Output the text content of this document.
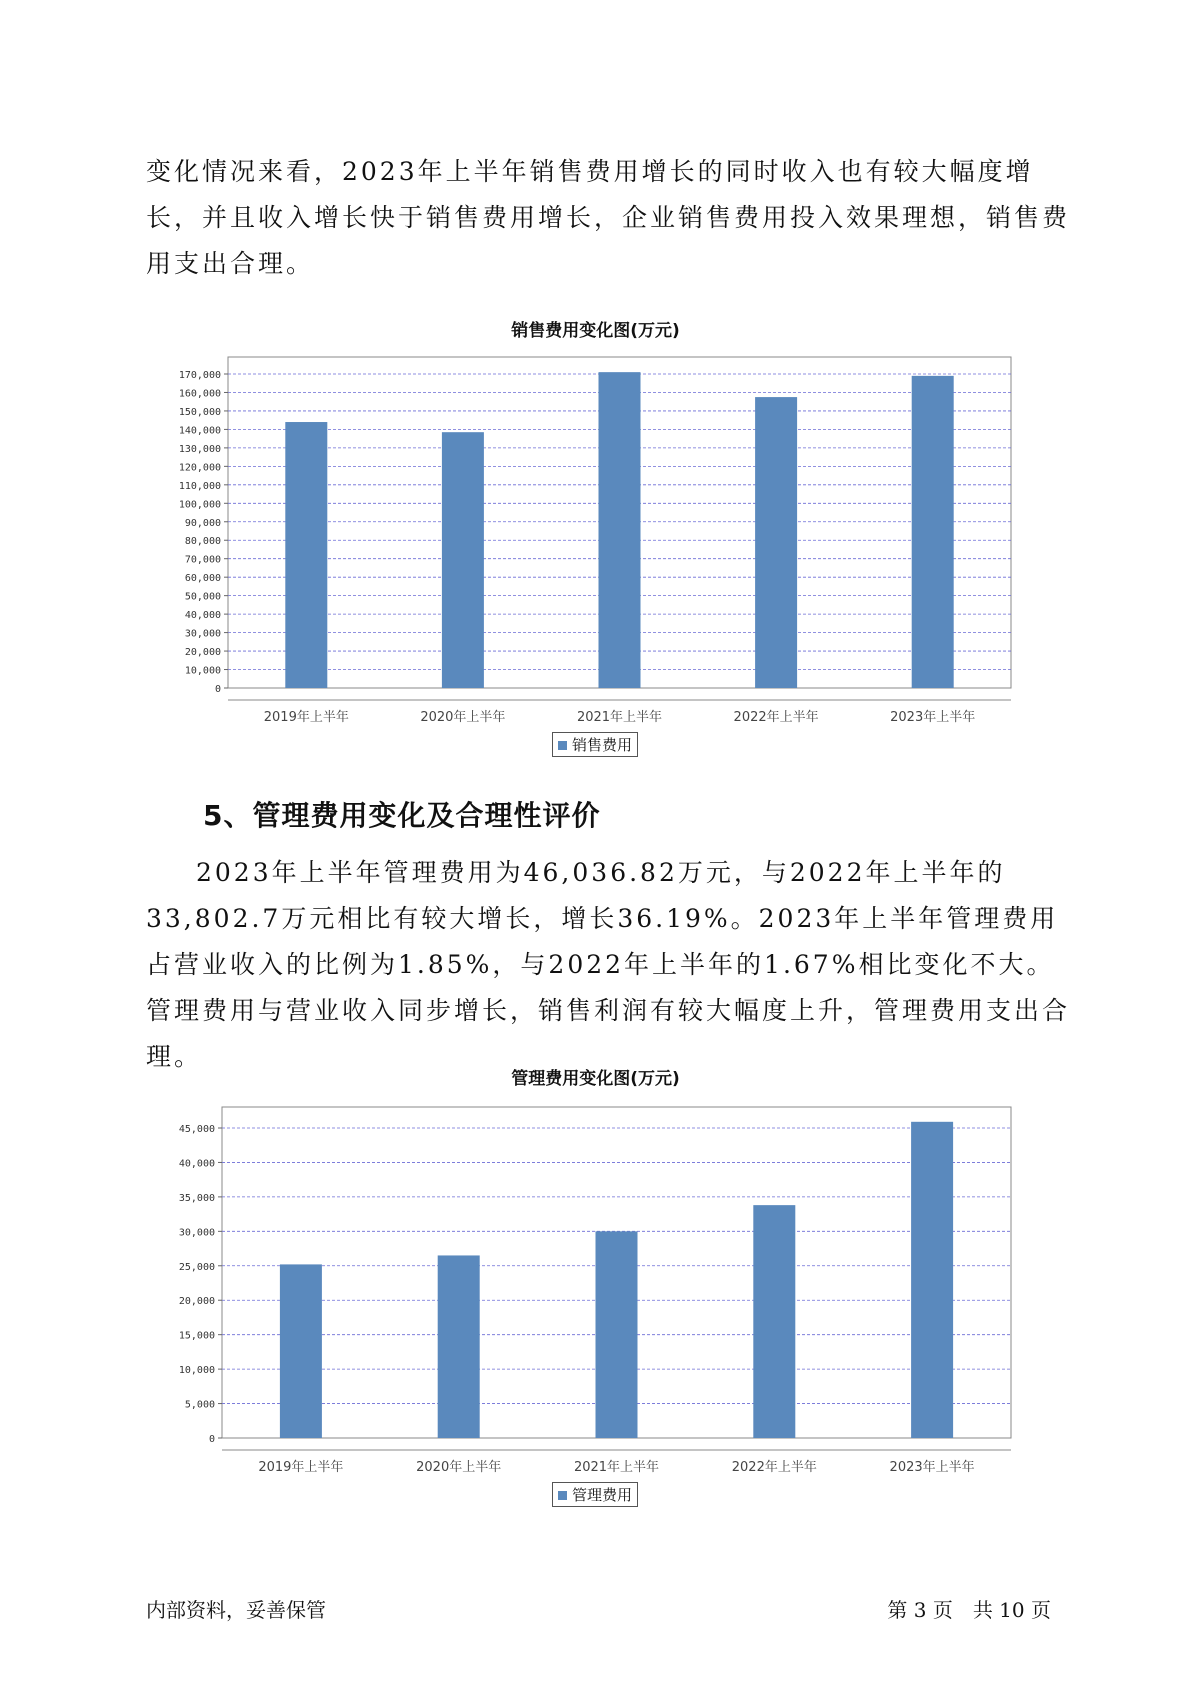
变化情况来看，2023年上半年销售费用增长的同时收入也有较大幅度增长，并且收入增长快于销售费用增长，企业销售费用投入效果理想，销售费用支出合理。

销售费用变化图(万元)
0
10,000
20,000
30,000
40,000
50,000
60,000
70,000
80,000
90,000
100,000
110,000
120,000
130,000
140,000
150,000
160,000
170,000
2019年上半年	2020年上半年	2021年上半年	2022年上半年	2023年上半年
销售费用
5、管理费用变化及合理性评价

2023年上半年管理费用为46,036.82万元，与2022年上半年的33,802.7万元相比有较大增长，增长36.19%。2023年上半年管理费用占营业收入的比例为1.85%，与2022年上半年的1.67%相比变化不大。管理费用与营业收入同步增长，销售利润有较大幅度上升，管理费用支出合理。

管理费用变化图(万元)
0
5,000
10,000
15,000
20,000
25,000
30,000
35,000
40,000
45,000
2019年上半年	2020年上半年	2021年上半年	2022年上半年	2023年上半年
管理费用
内部资料，妥善保管	第 3 页　共 10 页
